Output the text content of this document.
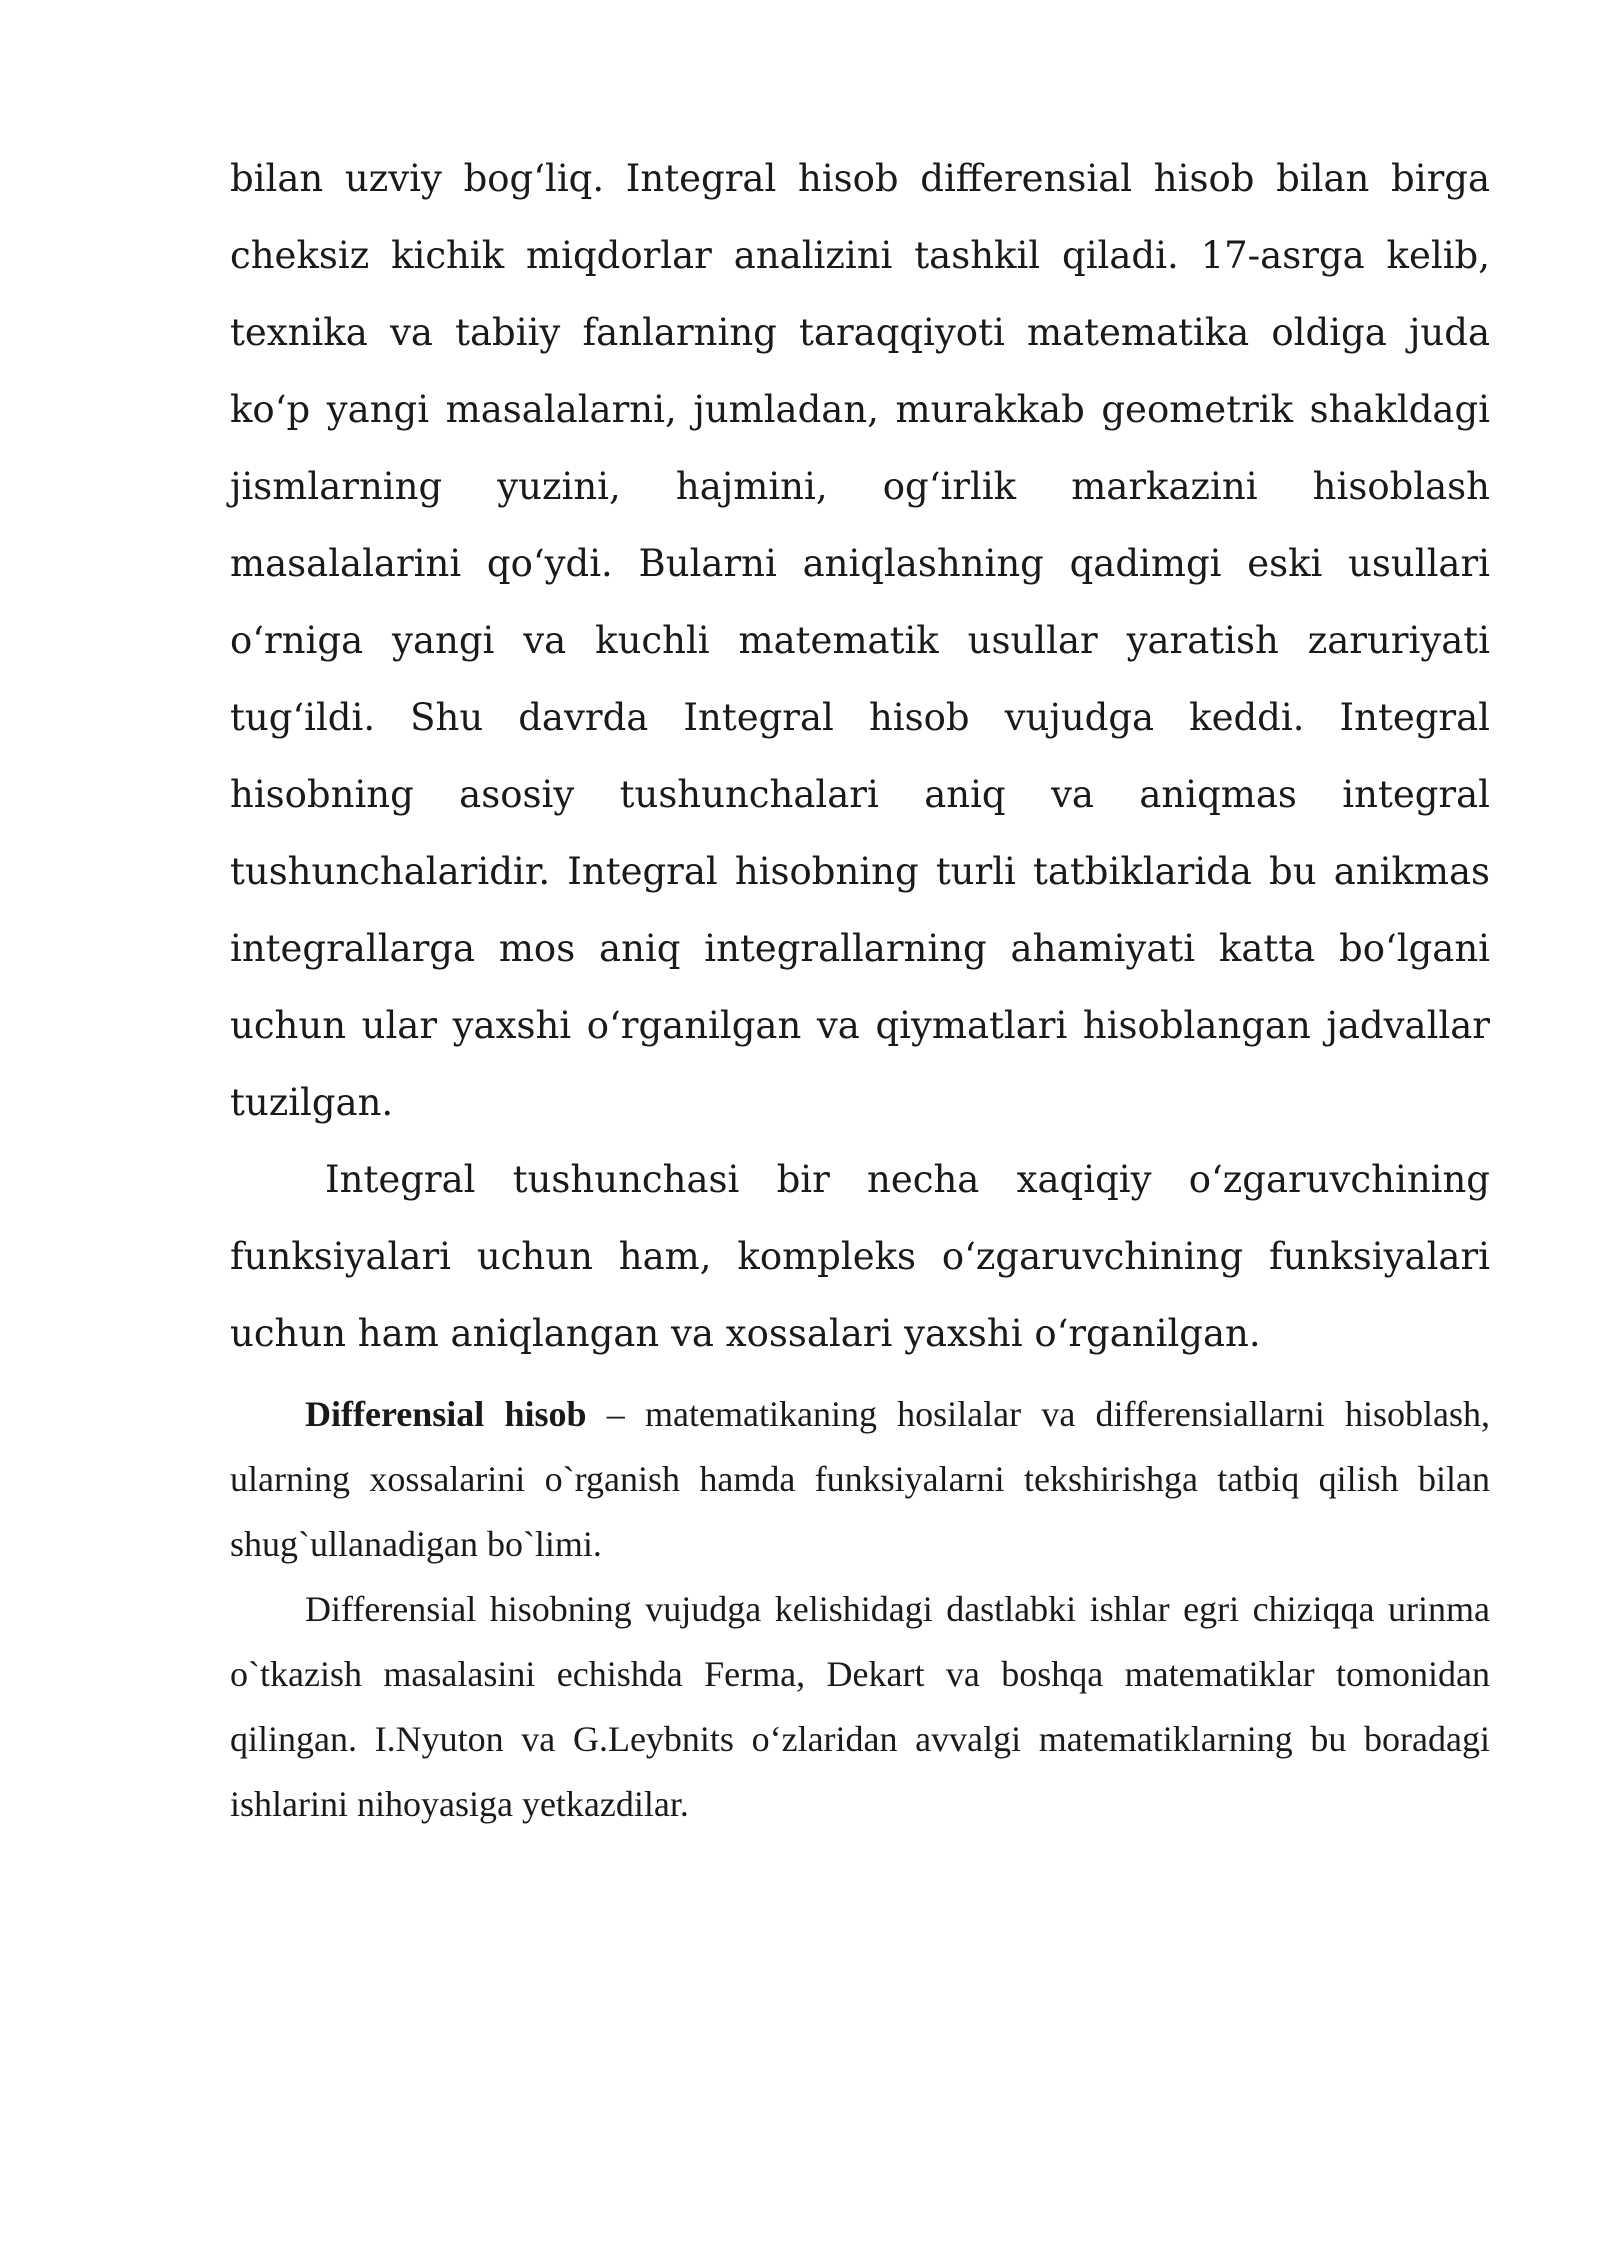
bilan uzviy bog‘liq. Integral hisob differensial hisob bilan birga cheksiz kichik miqdorlar analizini tashkil qiladi. 17-asrga kelib, texnika va tabiiy fanlarning taraqqiyoti matematika oldiga juda ko‘p yangi masalalarni, jumladan, murakkab geometrik shakldagi jismlarning yuzini, hajmini, og‘irlik markazini hisoblash masalalarini qo‘ydi. Bularni aniqlashning qadimgi eski usullari o‘rniga yangi va kuchli matematik usullar yaratish zaruriyati tug‘ildi. Shu davrda Integral hisob vujudga keddi. Integral hisobning asosiy tushunchalari aniq va aniqmas integral tushunchalaridir. Integral hisobning turli tatbiklarida bu anikmas integrallarga mos aniq integrallarning ahamiyati katta bo‘lgani uchun ular yaxshi o‘rganilgan va qiymatlari hisoblangan jadvallar tuzilgan.

Integral tushunchasi bir necha xaqiqiy o‘zgaruvchining funksiyalari uchun ham, kompleks o‘zgaruvchining funksiyalari uchun ham aniqlangan va xossalari yaxshi o‘rganilgan.

Differensial hisob – matematikaning hosilalar va differensiallarni hisoblash, ularning xossalarini o`rganish hamda funksiyalarni tekshirishga tatbiq qilish bilan shug`ullanadigan bo`limi.

Differensial hisobning vujudga kelishidagi dastlabki ishlar egri chiziqqa urinma o`tkazish masalasini echishda Ferma, Dekart va boshqa matematiklar tomonidan qilingan. I.Nyuton va G.Leybnits o‘zlaridan avvalgi matematiklarning bu boradagi ishlarini nihoyasiga yetkazdilar.
